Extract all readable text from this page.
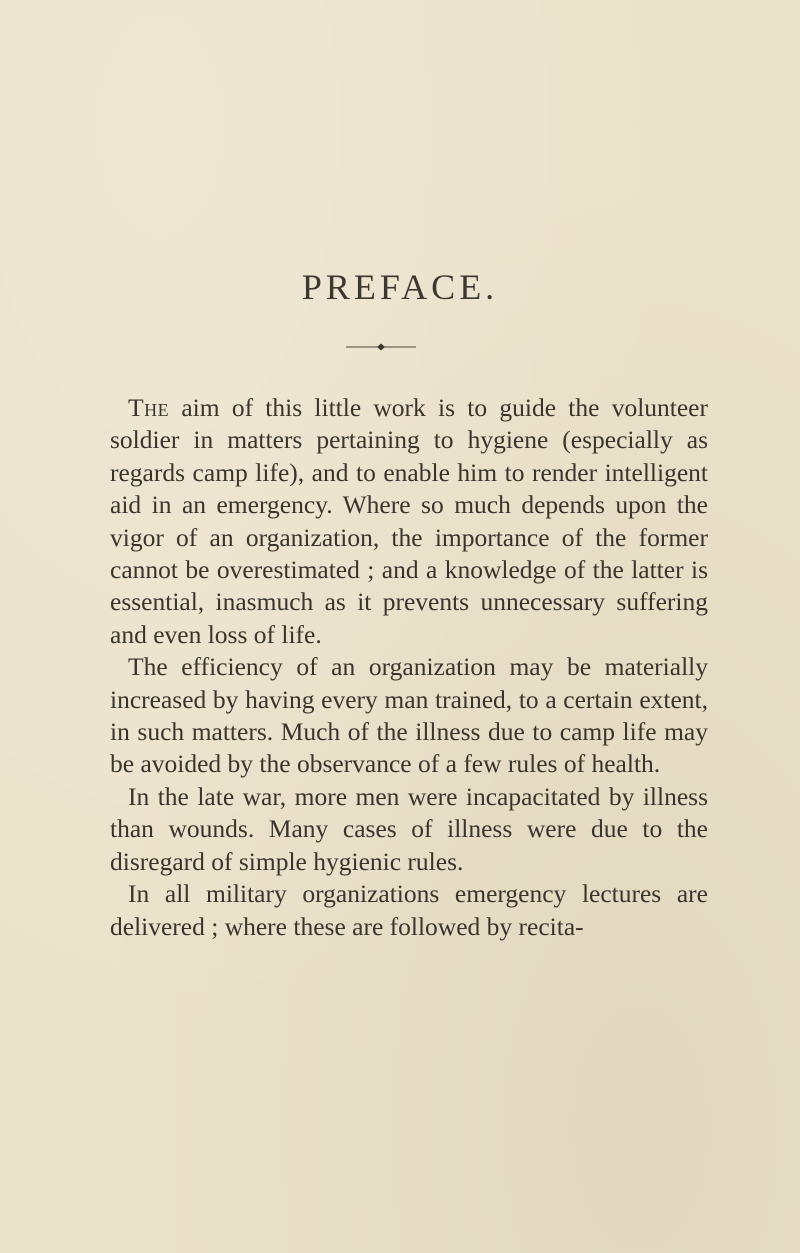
PREFACE.

The aim of this little work is to guide the volunteer soldier in matters pertaining to hygiene (especially as regards camp life), and to enable him to render intelligent aid in an emergency. Where so much depends upon the vigor of an organization, the importance of the former cannot be overestimated ; and a knowledge of the latter is essential, inasmuch as it prevents unnecessary suffering and even loss of life.

The efficiency of an organization may be materially increased by having every man trained, to a certain extent, in such matters. Much of the illness due to camp life may be avoided by the observance of a few rules of health.

In the late war, more men were incapacitated by illness than wounds. Many cases of illness were due to the disregard of simple hygienic rules.

In all military organizations emergency lectures are delivered ; where these are followed by recita-
